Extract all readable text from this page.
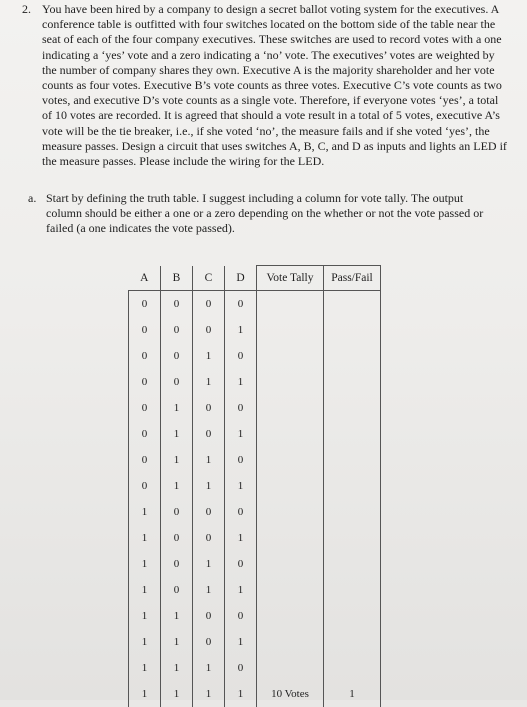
2. You have been hired by a company to design a secret ballot voting system for the executives. A conference table is outfitted with four switches located on the bottom side of the table near the seat of each of the four company executives. These switches are used to record votes with a one indicating a ‘yes’ vote and a zero indicating a ‘no’ vote. The executives’ votes are weighted by the number of company shares they own. Executive A is the majority shareholder and her vote counts as four votes. Executive B’s vote counts as three votes. Executive C’s vote counts as two votes, and executive D’s vote counts as a single vote. Therefore, if everyone votes ‘yes’, a total of 10 votes are recorded. It is agreed that should a vote result in a total of 5 votes, executive A’s vote will be the tie breaker, i.e., if she voted ‘no’, the measure fails and if she voted ‘yes’, the measure passes. Design a circuit that uses switches A, B, C, and D as inputs and lights an LED if the measure passes. Please include the wiring for the LED.
a. Start by defining the truth table. I suggest including a column for vote tally. The output column should be either a one or a zero depending on the whether or not the vote passed or failed (a one indicates the vote passed).
A	B	C	D	Vote Tally	Pass/Fail
0	0	0	0		
0	0	0	1		
0	0	1	0		
0	0	1	1		
0	1	0	0		
0	1	0	1		
0	1	1	0		
0	1	1	1		
1	0	0	0		
1	0	0	1		
1	0	1	0		
1	0	1	1		
1	1	0	0		
1	1	0	1		
1	1	1	0		
1	1	1	1	10 Votes	1
